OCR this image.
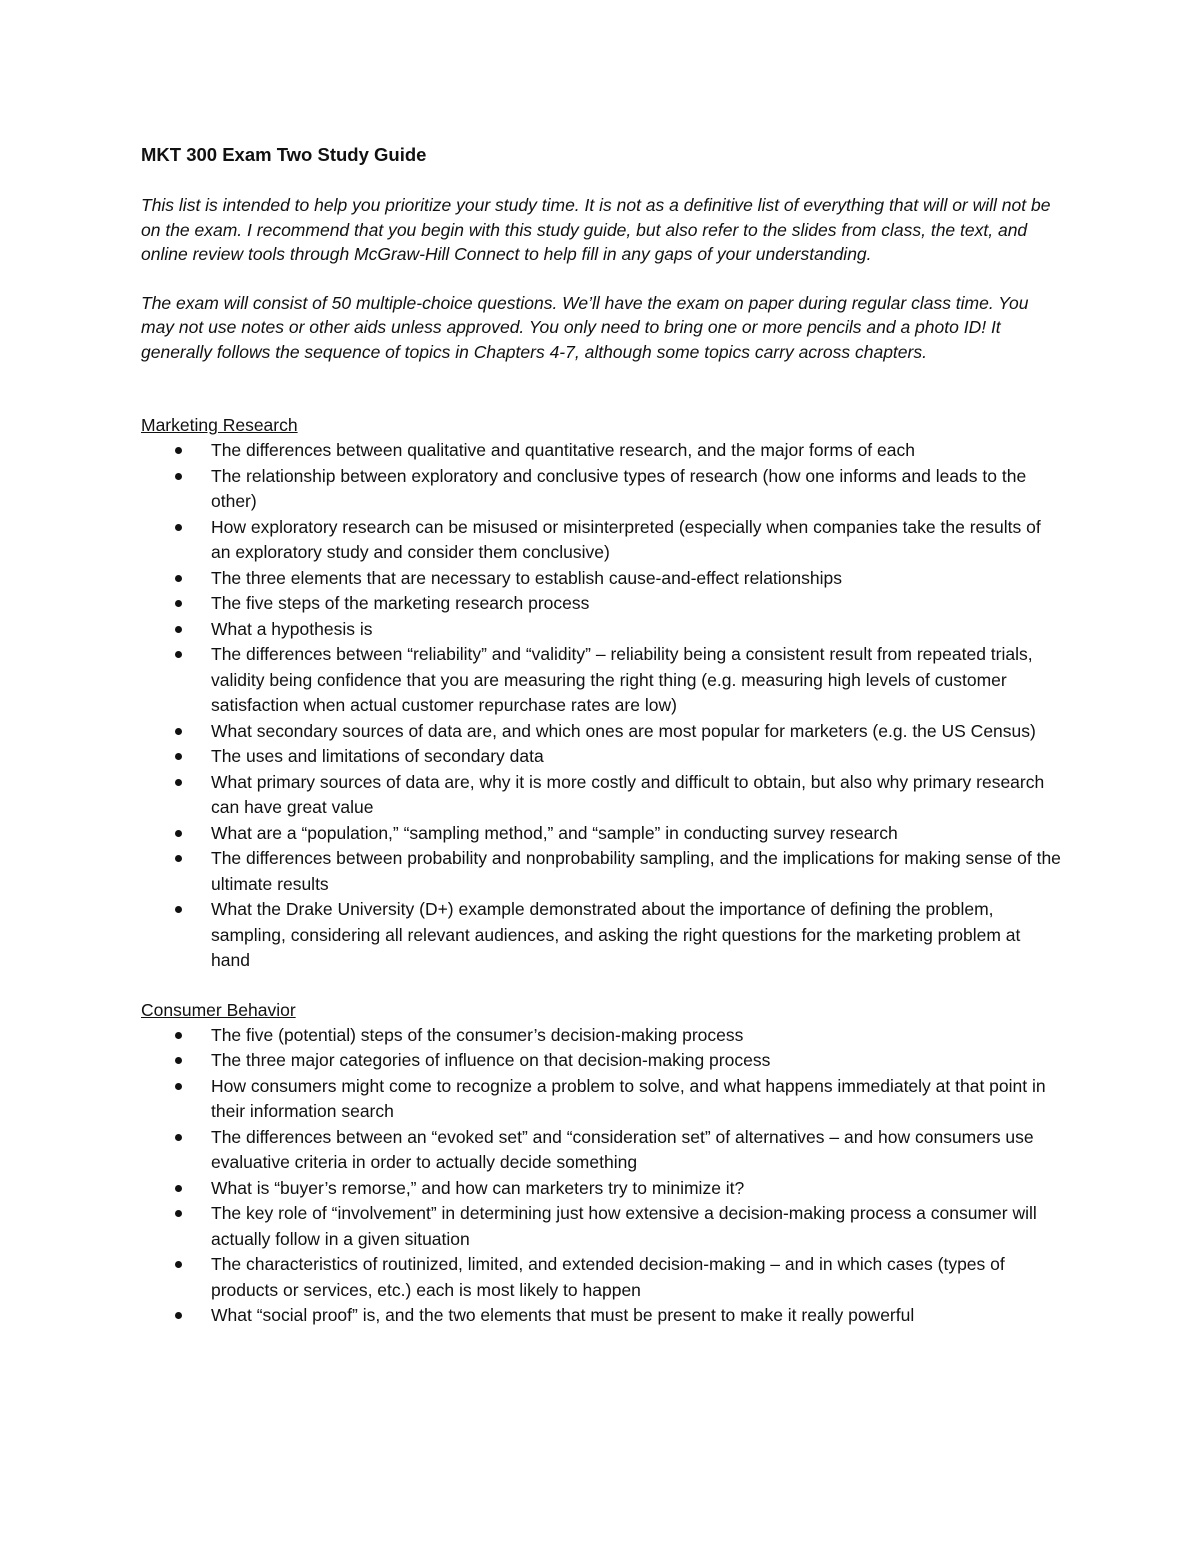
MKT 300 Exam Two Study Guide

This list is intended to help you prioritize your study time. It is not as a definitive list of everything that will or will not be on the exam. I recommend that you begin with this study guide, but also refer to the slides from class, the text, and online review tools through McGraw-Hill Connect to help fill in any gaps of your understanding.

The exam will consist of 50 multiple-choice questions. We’ll have the exam on paper during regular class time. You may not use notes or other aids unless approved. You only need to bring one or more pencils and a photo ID! It generally follows the sequence of topics in Chapters 4-7, although some topics carry across chapters.

Marketing Research
The differences between qualitative and quantitative research, and the major forms of each
The relationship between exploratory and conclusive types of research (how one informs and leads to the other)
How exploratory research can be misused or misinterpreted (especially when companies take the results of an exploratory study and consider them conclusive)
The three elements that are necessary to establish cause-and-effect relationships
The five steps of the marketing research process
What a hypothesis is
The differences between “reliability” and “validity” – reliability being a consistent result from repeated trials, validity being confidence that you are measuring the right thing (e.g. measuring high levels of customer satisfaction when actual customer repurchase rates are low)
What secondary sources of data are, and which ones are most popular for marketers (e.g. the US Census)
The uses and limitations of secondary data
What primary sources of data are, why it is more costly and difficult to obtain, but also why primary research can have great value
What are a “population,” “sampling method,” and “sample” in conducting survey research
The differences between probability and nonprobability sampling, and the implications for making sense of the ultimate results
What the Drake University (D+) example demonstrated about the importance of defining the problem, sampling, considering all relevant audiences, and asking the right questions for the marketing problem at hand
Consumer Behavior
The five (potential) steps of the consumer’s decision-making process
The three major categories of influence on that decision-making process
How consumers might come to recognize a problem to solve, and what happens immediately at that point in their information search
The differences between an “evoked set” and “consideration set” of alternatives – and how consumers use evaluative criteria in order to actually decide something
What is “buyer’s remorse,” and how can marketers try to minimize it?
The key role of “involvement” in determining just how extensive a decision-making process a consumer will actually follow in a given situation
The characteristics of routinized, limited, and extended decision-making – and in which cases (types of products or services, etc.) each is most likely to happen
What “social proof” is, and the two elements that must be present to make it really powerful
